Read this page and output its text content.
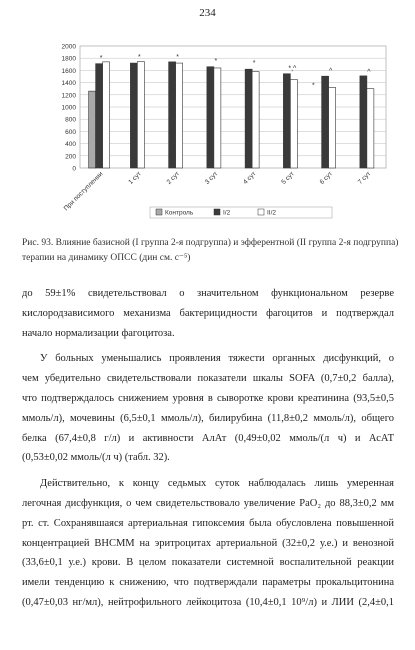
234
0
200
400
600
800
1000
1200
1400
1600
1800
2000
При поступлении	1 сут	2 сут	3 сут	4 сут	5 сут	6 сут	7 сут
*	*	*
*	*
*,^
*
^	^
Контроль	I/2	II/2
Рис. 93. Влияние базисной (I группа 2-я подгруппа) и эфферентной (II группа 2-я подгруппа)
терапии на динамику ОПСС (дин см. с⁻⁵)
до 59±1% свидетельствовал о значительном функциональном резерве
кислородзависимого механизма бактерицидности фагоцитов и подтверждал
начало нормализации фагоцитоза.
У больных уменьшались проявления тяжести органных дисфункций, о
чем убедительно свидетельствовали показатели шкалы SOFA (0,7±0,2 балла),
что подтверждалось снижением уровня в сыворотке крови креатинина (93,5±0,5
ммоль/л), мочевины (6,5±0,1 ммоль/л), билирубина (11,8±0,2 ммоль/л), общего
белка (67,4±0,8 г/л) и активности АлАт (0,49±0,02 ммоль/(л ч) и АсАТ
(0,53±0,02 ммоль/(л ч) (табл. 32).
Действительно, к концу седьмых суток наблюдалась лишь умеренная
легочная дисфункция, о чем свидетельствовало увеличение PaO₂ до 88,3±0,2 мм
рт. ст. Сохранявшаяся артериальная гипоксемия была обусловлена повышенной
концентрацией ВНСММ на эритроцитах артериальной (32±0,2 у.е.) и венозной
(33,6±0,1 у.е.) крови. В целом показатели системной воспалительной реакции
имели тенденцию к снижению, что подтверждали параметры прокальцитонина
(0,47±0,03 нг/мл), нейтрофильного лейкоцитоза (10,4±0,1 10⁹/л) и ЛИИ (2,4±0,1
